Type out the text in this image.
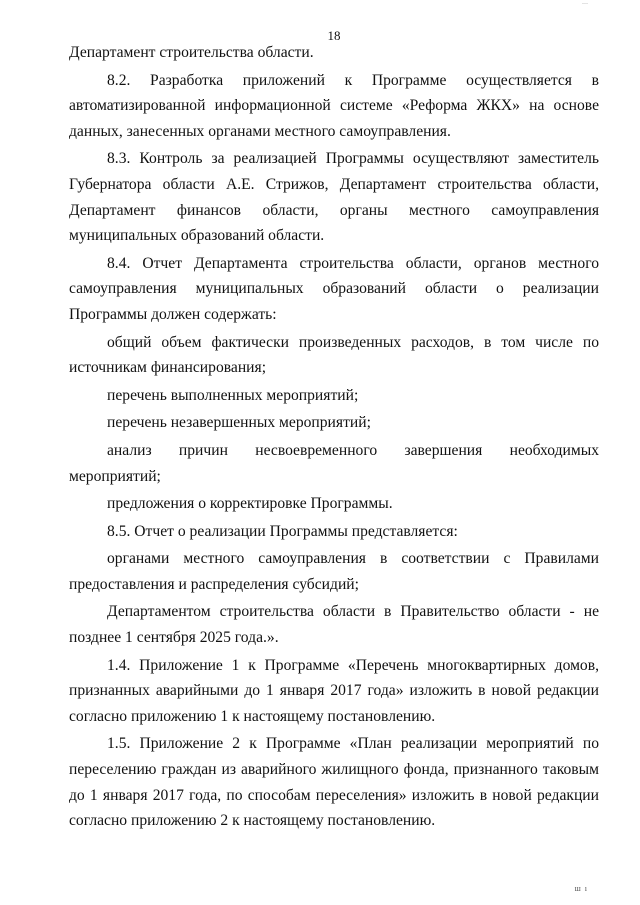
…
18

Департамент строительства области.

8.2. Разработка приложений к Программе осуществляется в автоматизированной информационной системе «Реформа ЖКХ» на основе данных, занесенных органами местного самоуправления.

8.3. Контроль за реализацией Программы осуществляют заместитель Губернатора области А.Е. Стрижов, Департамент строительства области, Департамент финансов области, органы местного самоуправления муниципальных образований области.

8.4. Отчет Департамента строительства области, органов местного самоуправления муниципальных образований области о реализации Программы должен содержать:

общий объем фактически произведенных расходов, в том числе по источникам финансирования;

перечень выполненных мероприятий;

перечень незавершенных мероприятий;

анализ причин несвоевременного завершения необходимых мероприятий;

предложения о корректировке Программы.

8.5. Отчет о реализации Программы представляется:

органами местного самоуправления в соответствии с Правилами предоставления и распределения субсидий;

Департаментом строительства области в Правительство области - не позднее 1 сентября 2025 года.».

1.4. Приложение 1 к Программе «Перечень многоквартирных домов, признанных аварийными до 1 января 2017 года» изложить в новой редакции согласно приложению 1 к настоящему постановлению.

1.5. Приложение 2 к Программе «План реализации мероприятий по переселению граждан из аварийного жилищного фонда, признанного таковым до 1 января 2017 года, по способам переселения» изложить в новой редакции согласно приложению 2 к настоящему постановлению.

ш ı
